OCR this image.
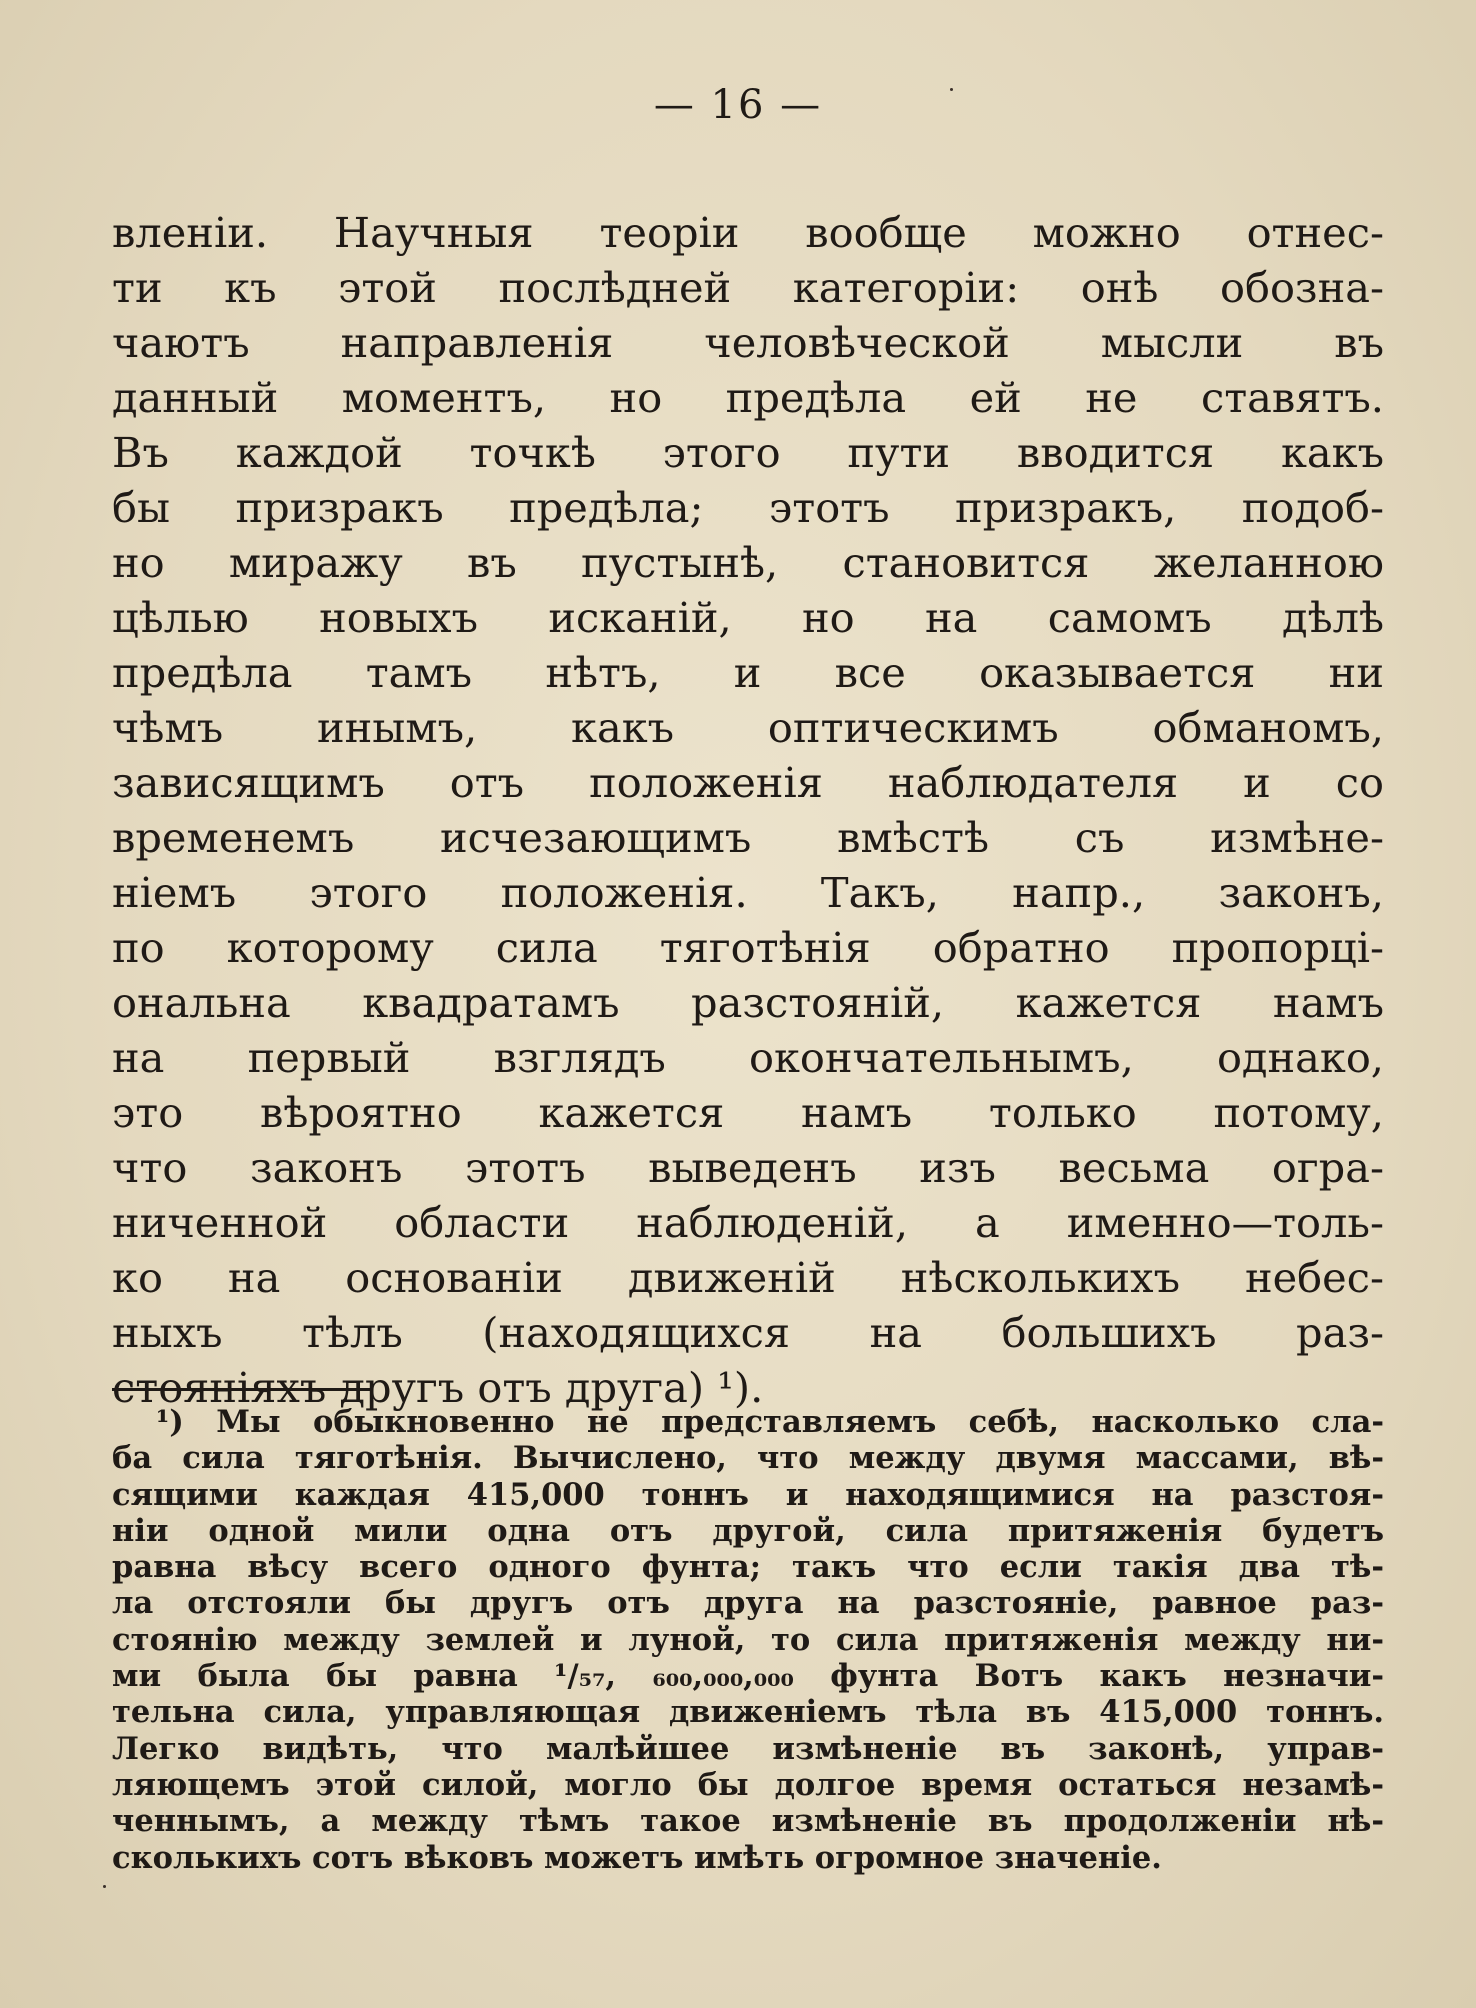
— 16 —
вленіи. Научныя теоріи вообще можно отнес-
ти къ этой послѣдней категоріи: онѣ обозна-
чаютъ направленія человѣческой мысли въ
данный моментъ, но предѣла ей не ставятъ.
Въ каждой точкѣ этого пути вводится какъ
бы призракъ предѣла; этотъ призракъ, подоб-
но миражу въ пустынѣ, становится желанною
цѣлью новыхъ исканій, но на самомъ дѣлѣ
предѣла тамъ нѣтъ, и все оказывается ни
чѣмъ инымъ, какъ оптическимъ обманомъ,
зависящимъ отъ положенія наблюдателя и со
временемъ исчезающимъ вмѣстѣ съ измѣне-
ніемъ этого положенія. Такъ, напр., законъ,
по которому сила тяготѣнія обратно пропорці-
ональна квадратамъ разстояній, кажется намъ
на первый взглядъ окончательнымъ, однако,
это вѣроятно кажется намъ только потому,
что законъ этотъ выведенъ изъ весьма огра-
ниченной области наблюденій, а именно—толь-
ко на основаніи движеній нѣсколькихъ небес-
ныхъ тѣлъ (находящихся на большихъ раз-
стояніяхъ другъ отъ друга) ¹).
¹) Мы обыкновенно не представляемъ себѣ, насколько сла-
ба сила тяготѣнія. Вычислено, что между двумя массами, вѣ-
сящими каждая 415,000 тоннъ и находящимися на разстоя-
ніи одной мили одна отъ другой, сила притяженія будетъ
равна вѣсу всего одного фунта; такъ что если такія два тѣ-
ла отстояли бы другъ отъ друга на разстояніе, равное раз-
стоянію между землей и луной, то сила притяженія между ни-
ми была бы равна ¹/₅₇, ₆₀₀,₀₀₀,₀₀₀ фунта Вотъ какъ незначи-
тельна сила, управляющая движеніемъ тѣла въ 415,000 тоннъ.
Легко видѣть, что малѣйшее измѣненіе въ законѣ, управ-
ляющемъ этой силой, могло бы долгое время остаться незамѣ-
ченнымъ, а между тѣмъ такое измѣненіе въ продолженіи нѣ-
сколькихъ сотъ вѣковъ можетъ имѣть огромное значеніе.
